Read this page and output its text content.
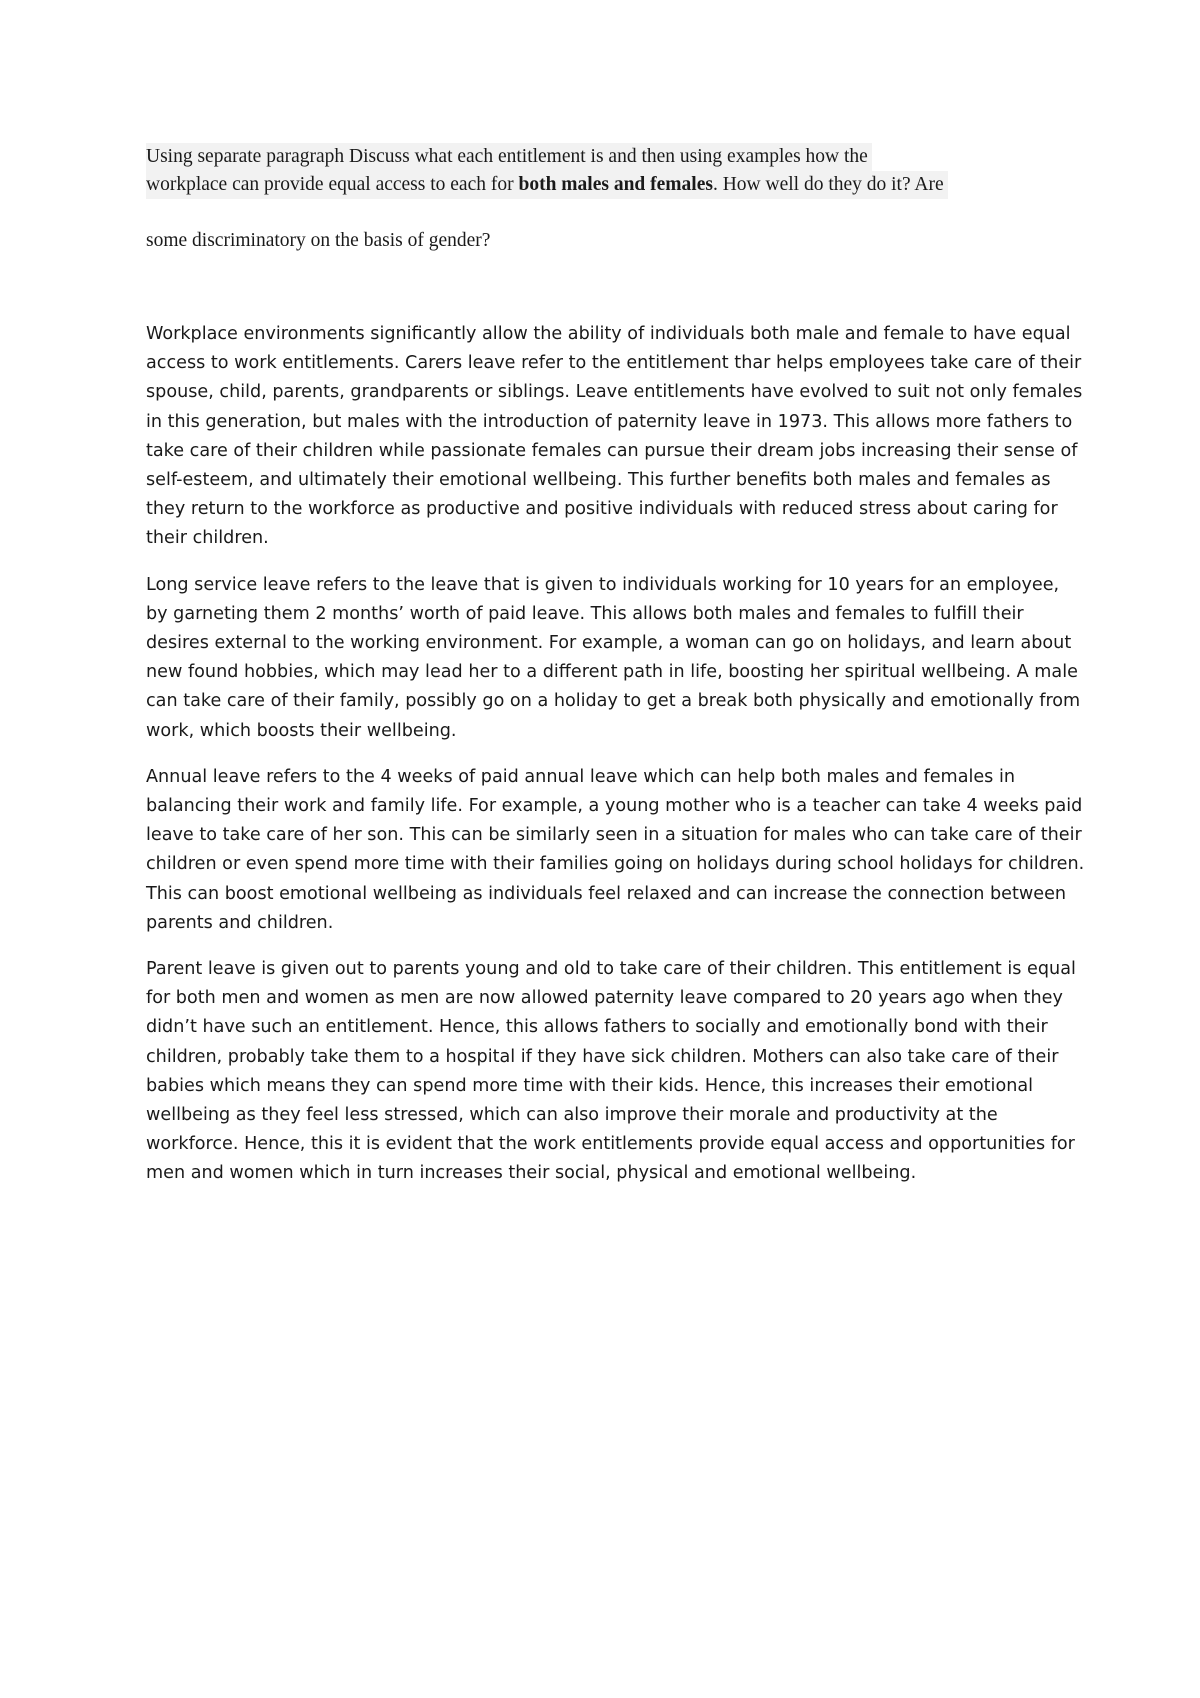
Using separate paragraph Discuss what each entitlement is and then using examples how the
workplace can provide equal access to each for both males and females. How well do they do it? Are

some discriminatory on the basis of gender?

Workplace environments significantly allow the ability of individuals both male and female to have equal access to work entitlements. Carers leave refer to the entitlement thar helps employees take care of their spouse, child, parents, grandparents or siblings. Leave entitlements have evolved to suit not only females in this generation, but males with the introduction of paternity leave in 1973. This allows more fathers to take care of their children while passionate females can pursue their dream jobs increasing their sense of self-esteem, and ultimately their emotional wellbeing. This further benefits both males and females as they return to the workforce as productive and positive individuals with reduced stress about caring for their children.

Long service leave refers to the leave that is given to individuals working for 10 years for an employee, by garneting them 2 months’ worth of paid leave. This allows both males and females to fulfill their desires external to the working environment. For example, a woman can go on holidays, and learn about new found hobbies, which may lead her to a different path in life, boosting her spiritual wellbeing. A male can take care of their family, possibly go on a holiday to get a break both physically and emotionally from work, which boosts their wellbeing.

Annual leave refers to the 4 weeks of paid annual leave which can help both males and females in balancing their work and family life. For example, a young mother who is a teacher can take 4 weeks paid leave to take care of her son. This can be similarly seen in a situation for males who can take care of their children or even spend more time with their families going on holidays during school holidays for children. This can boost emotional wellbeing as individuals feel relaxed and can increase the connection between parents and children.

Parent leave is given out to parents young and old to take care of their children. This entitlement is equal for both men and women as men are now allowed paternity leave compared to 20 years ago when they didn’t have such an entitlement. Hence, this allows fathers to socially and emotionally bond with their children, probably take them to a hospital if they have sick children. Mothers can also take care of their babies which means they can spend more time with their kids. Hence, this increases their emotional wellbeing as they feel less stressed, which can also improve their morale and productivity at the workforce. Hence, this it is evident that the work entitlements provide equal access and opportunities for men and women which in turn increases their social, physical and emotional wellbeing.
